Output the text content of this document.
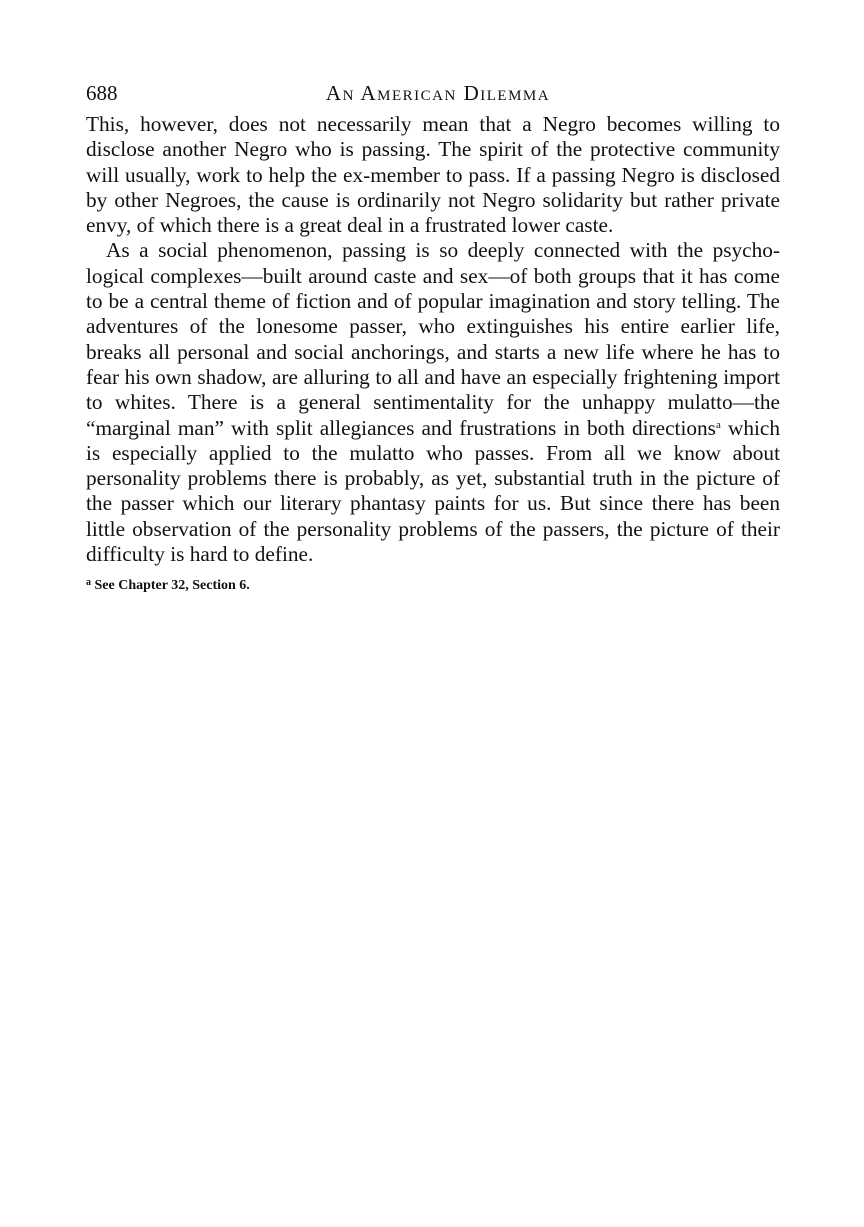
688	An American Dilemma

This, however, does not necessarily mean that a Negro becomes willing to disclose another Negro who is passing. The spirit of the protective community will usually, work to help the ex-member to pass. If a passing Negro is disclosed by other Negroes, the cause is ordinarily not Negro solidarity but rather private envy, of which there is a great deal in a frustrated lower caste.

As a social phenomenon, passing is so deeply connected with the psychological complexes—built around caste and sex—of both groups that it has come to be a central theme of fiction and of popular imagination and story telling. The adventures of the lonesome passer, who extinguishes his entire earlier life, breaks all personal and social anchorings, and starts a new life where he has to fear his own shadow, are alluring to all and have an especially frightening import to whites. There is a general sentimentality for the unhappy mulatto—the “marginal man” with split allegiances and frustrations in both directions$^a$ which is especially applied to the mulatto who passes. From all we know about personality problems there is probably, as yet, substantial truth in the picture of the passer which our literary phantasy paints for us. But since there has been little observation of the personality problems of the passers, the picture of their difficulty is hard to define.

$^a$ See Chapter 32, Section 6.
